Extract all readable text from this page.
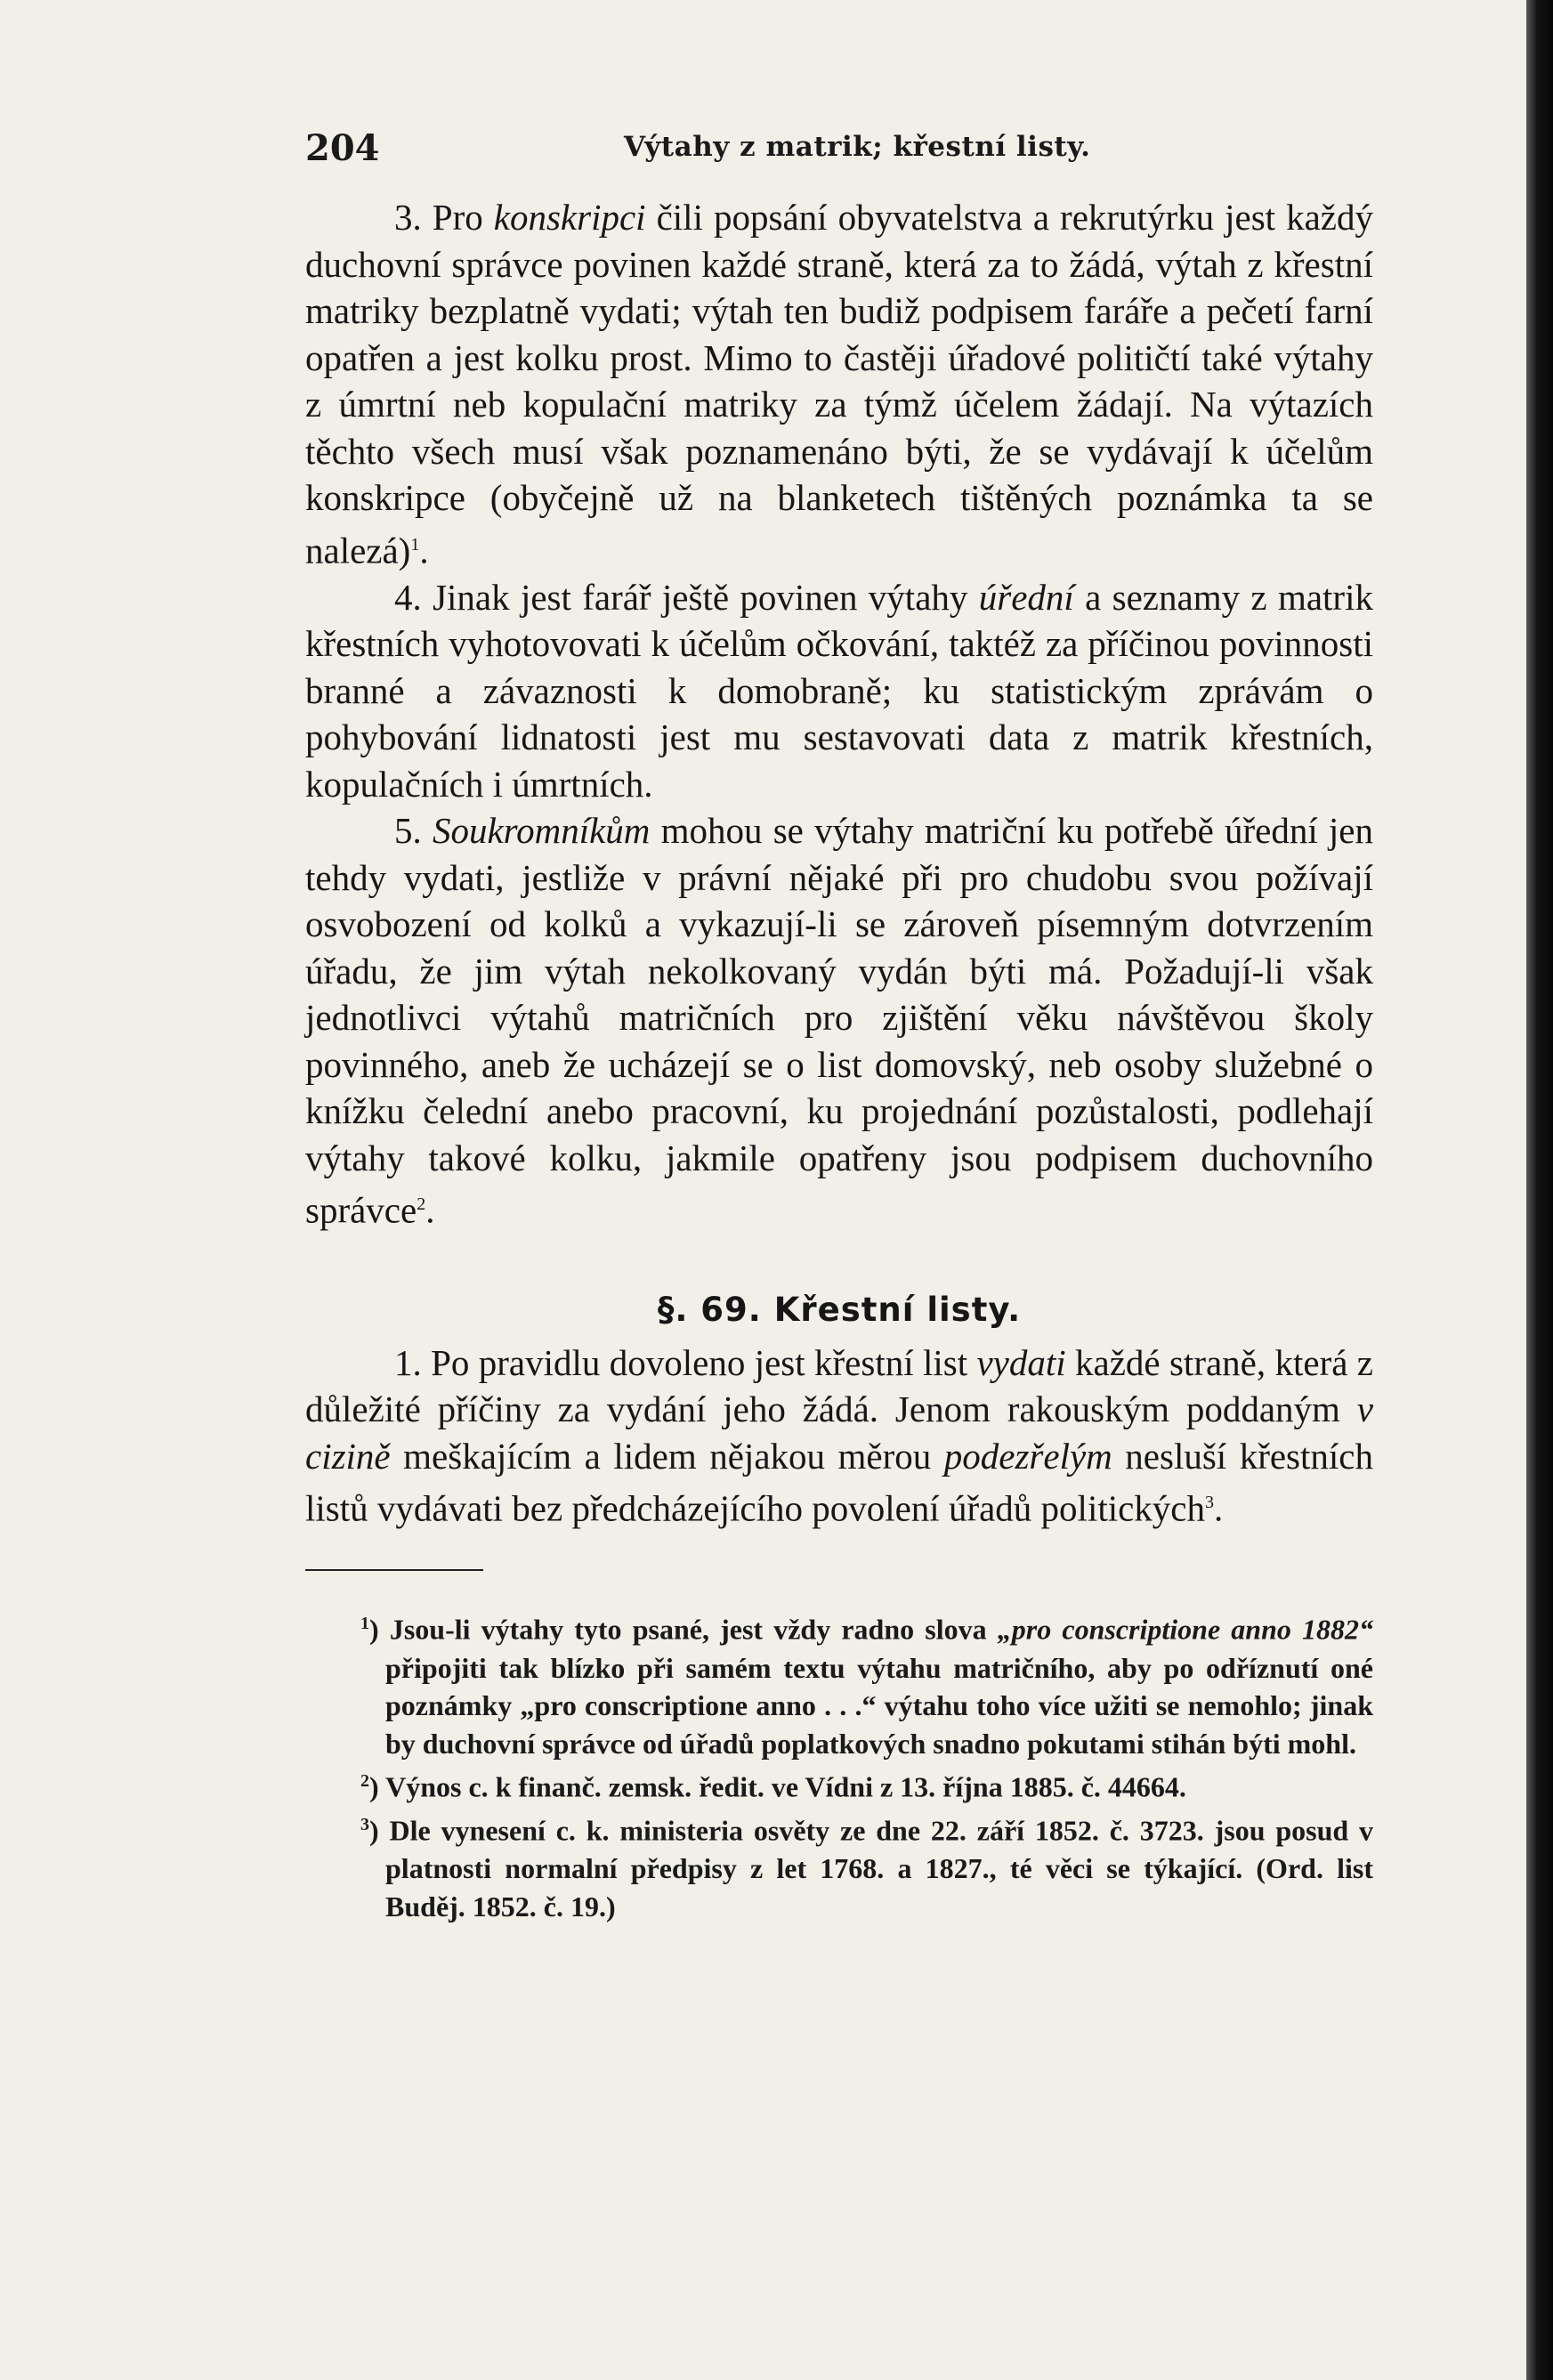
204	Výtahy z matrik; křestní listy.

3. Pro konskripci čili popsání obyvatelstva a rekrutýrku jest každý duchovní správce povinen každé straně, která za to žádá, výtah z křestní matriky bezplatně vydati; výtah ten budiž podpisem faráře a pečetí farní opatřen a jest kolku prost. Mimo to častěji úřadové političtí také výtahy z úmrtní neb kopulační matriky za týmž účelem žádají. Na výtazích těchto všech musí však poznamenáno býti, že se vydávají k účelům konskripce (obyčejně už na blanketech tištěných poznámka ta se nalezá)$^1$.

4. Jinak jest farář ještě povinen výtahy úřední a seznamy z matrik křestních vyhotovovati k účelům očkování, taktéž za příčinou povinnosti branné a závaznosti k domobraně; ku statistickým zprávám o pohybování lidnatosti jest mu sestavovati data z matrik křestních, kopulačních i úmrtních.

5. Soukromníkům mohou se výtahy matriční ku potřebě úřední jen tehdy vydati, jestliže v právní nějaké při pro chudobu svou požívají osvobození od kolků a vykazují-li se zároveň písemným dotvrzením úřadu, že jim výtah nekolkovaný vydán býti má. Požadují-li však jednotlivci výtahů matričních pro zjištění věku návštěvou školy povinného, aneb že ucházejí se o list domovský, neb osoby služebné o knížku čelední anebo pracovní, ku projednání pozůstalosti, podlehají výtahy takové kolku, jakmile opatřeny jsou podpisem duchovního správce$^2$.

§. 69. Křestní listy.

1. Po pravidlu dovoleno jest křestní list vydati každé straně, která z důležité příčiny za vydání jeho žádá. Jenom rakouským poddaným v cizině meškajícím a lidem nějakou měrou podezřelým nesluší křestních listů vydávati bez předcházejícího povolení úřadů politických$^3$.

$^1$) Jsou-li výtahy tyto psané, jest vždy radno slova „pro conscriptione anno 1882“ připojiti tak blízko při samém textu výtahu matričního, aby po odříznutí oné poznámky „pro conscriptione anno . . .“ výtahu toho více užiti se nemohlo; jinak by duchovní správce od úřadů poplatkových snadno pokutami stihán býti mohl.

$^2$) Výnos c. k finanč. zemsk. ředit. ve Vídni z 13. října 1885. č. 44664.

$^3$) Dle vynesení c. k. ministeria osvěty ze dne 22. září 1852. č. 3723. jsou posud v platnosti normalní předpisy z let 1768. a 1827., té věci se týkající. (Ord. list Buděj. 1852. č. 19.)
